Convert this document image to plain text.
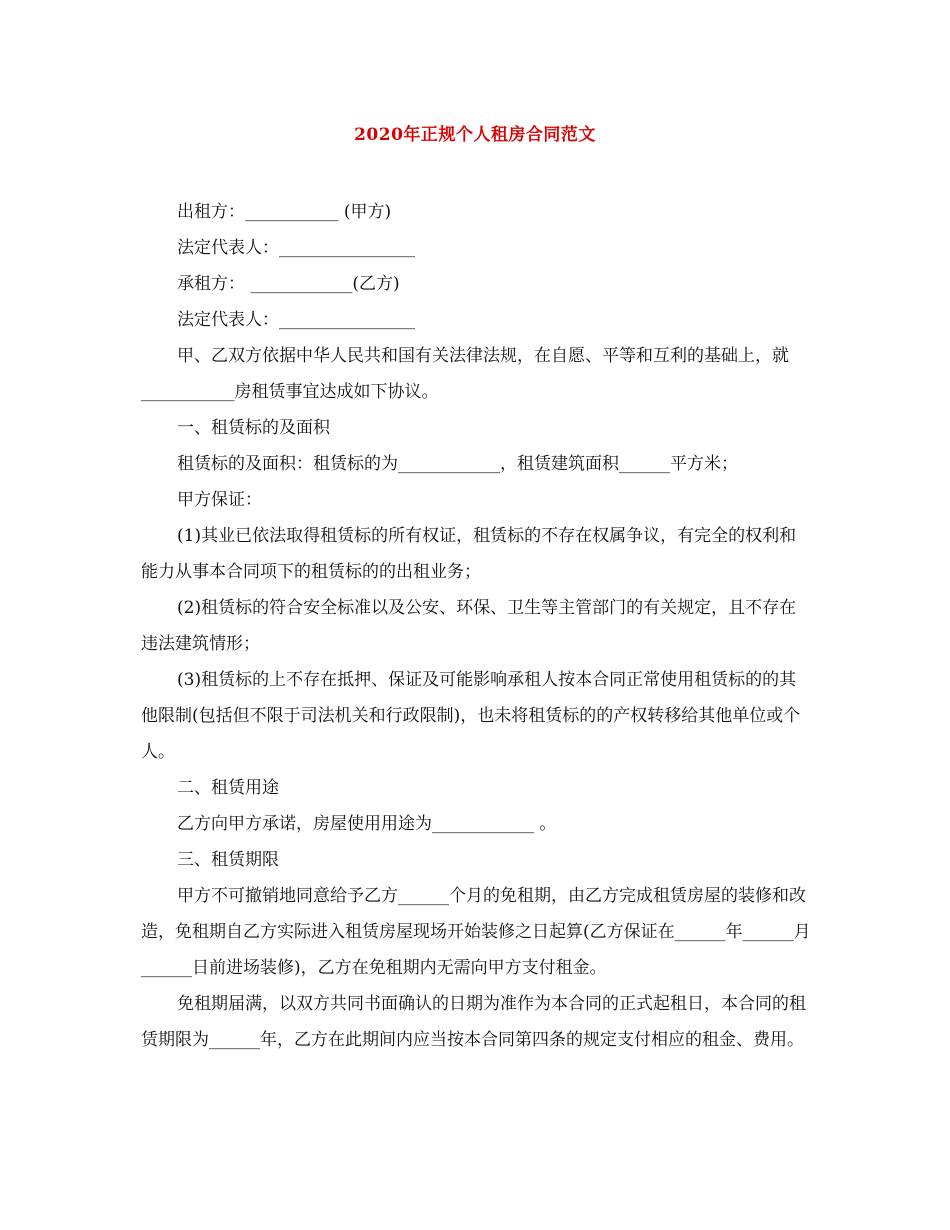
2020年正规个人租房合同范文

出租方：___________ (甲方)

法定代表人：________________

承租方： ____________(乙方)

法定代表人：________________

甲、乙双方依据中华人民共和国有关法律法规，在自愿、平等和互利的基础上，就___________房租赁事宜达成如下协议。

一、租赁标的及面积

租赁标的及面积：租赁标的为____________，租赁建筑面积______平方米；

甲方保证：

(1)其业已依法取得租赁标的所有权证，租赁标的不存在权属争议，有完全的权利和能力从事本合同项下的租赁标的的出租业务；

(2)租赁标的符合安全标准以及公安、环保、卫生等主管部门的有关规定，且不存在违法建筑情形；

(3)租赁标的上不存在抵押、保证及可能影响承租人按本合同正常使用租赁标的的其他限制(包括但不限于司法机关和行政限制)，也未将租赁标的的产权转移给其他单位或个人。

二、租赁用途

乙方向甲方承诺，房屋使用用途为____________ 。

三、租赁期限

甲方不可撤销地同意给予乙方______个月的免租期，由乙方完成租赁房屋的装修和改造，免租期自乙方实际进入租赁房屋现场开始装修之日起算(乙方保证在______年______月______日前进场装修)，乙方在免租期内无需向甲方支付租金。

免租期届满，以双方共同书面确认的日期为准作为本合同的正式起租日，本合同的租赁期限为______年，乙方在此期间内应当按本合同第四条的规定支付相应的租金、费用。
